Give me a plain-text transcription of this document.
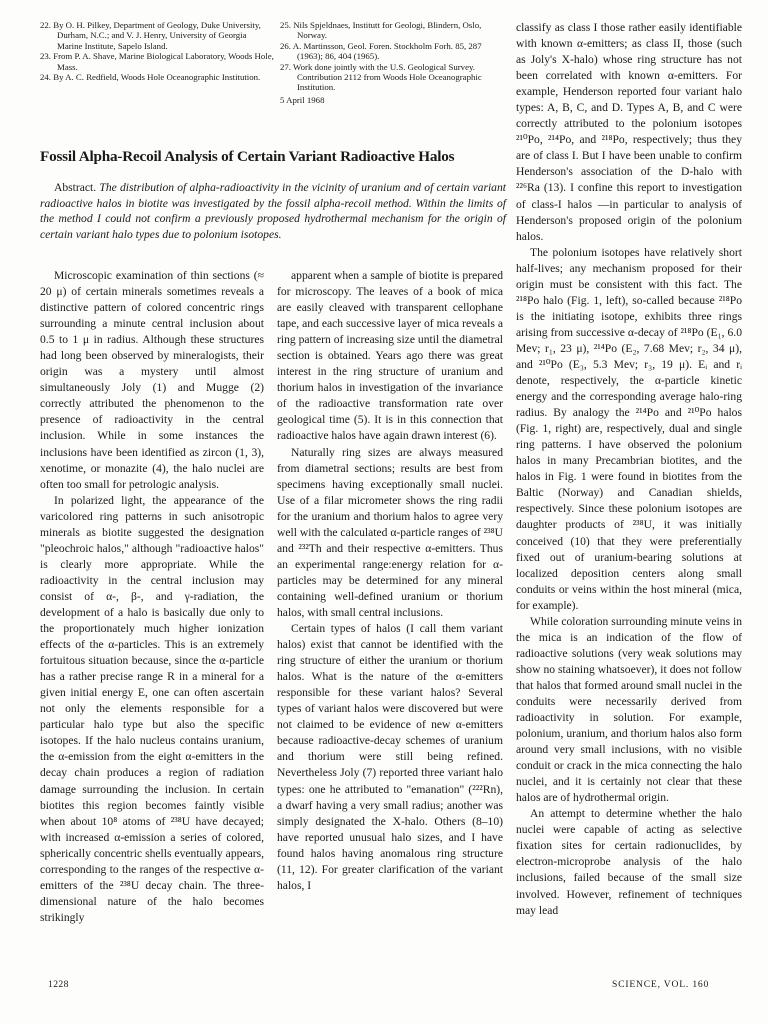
22. By O. H. Pilkey, Department of Geology, Duke University, Durham, N.C.; and V. J. Henry, University of Georgia Marine Institute, Sapelo Island.

23. From P. A. Shave, Marine Biological Laboratory, Woods Hole, Mass.

24. By A. C. Redfield, Woods Hole Oceanographic Institution.

25. Nils Spjeldnaes, Institutt for Geologi, Blindern, Oslo, Norway.

26. A. Martinsson, Geol. Foren. Stockholm Forh. 85, 287 (1963); 86, 404 (1965).

27. Work done jointly with the U.S. Geological Survey. Contribution 2112 from Woods Hole Oceanographic Institution.

5 April 1968

Fossil Alpha-Recoil Analysis of Certain Variant Radioactive Halos

Abstract. The distribution of alpha-radioactivity in the vicinity of uranium and of certain variant radioactive halos in biotite was investigated by the fossil alpha-recoil method. Within the limits of the method I could not confirm a previously proposed hydrothermal mechanism for the origin of certain variant halo types due to polonium isotopes.

Microscopic examination of thin sections (≈ 20 μ) of certain minerals sometimes reveals a distinctive pattern of colored concentric rings surrounding a minute central inclusion about 0.5 to 1 μ in radius. Although these structures had long been observed by mineralogists, their origin was a mystery until almost simultaneously Joly (1) and Mugge (2) correctly attributed the phenomenon to the presence of radioactivity in the central inclusion. While in some instances the inclusions have been identified as zircon (1, 3), xenotime, or monazite (4), the halo nuclei are often too small for petrologic analysis.

In polarized light, the appearance of the varicolored ring patterns in such anisotropic minerals as biotite suggested the designation "pleochroic halos," although "radioactive halos" is clearly more appropriate. While the radioactivity in the central inclusion may consist of α-, β-, and γ-radiation, the development of a halo is basically due only to the proportionately much higher ionization effects of the α-particles. This is an extremely fortuitous situation because, since the α-particle has a rather precise range R in a mineral for a given initial energy E, one can often ascertain not only the elements responsible for a particular halo type but also the specific isotopes. If the halo nucleus contains uranium, the α-emission from the eight α-emitters in the decay chain produces a region of radiation damage surrounding the inclusion. In certain biotites this region becomes faintly visible when about 10⁸ atoms of ²³⁸U have decayed; with increased α-emission a series of colored, spherically concentric shells eventually appears, corresponding to the ranges of the respective α-emitters of the ²³⁸U decay chain. The three-dimensional nature of the halo becomes strikingly

apparent when a sample of biotite is prepared for microscopy. The leaves of a book of mica are easily cleaved with transparent cellophane tape, and each successive layer of mica reveals a ring pattern of increasing size until the diametral section is obtained. Years ago there was great interest in the ring structure of uranium and thorium halos in investigation of the invariance of the radioactive transformation rate over geological time (5). It is in this connection that radioactive halos have again drawn interest (6).

Naturally ring sizes are always measured from diametral sections; results are best from specimens having exceptionally small nuclei. Use of a filar micrometer shows the ring radii for the uranium and thorium halos to agree very well with the calculated α-particle ranges of ²³⁸U and ²³²Th and their respective α-emitters. Thus an experimental range:energy relation for α-particles may be determined for any mineral containing well-defined uranium or thorium halos, with small central inclusions.

Certain types of halos (I call them variant halos) exist that cannot be identified with the ring structure of either the uranium or thorium halos. What is the nature of the α-emitters responsible for these variant halos? Several types of variant halos were discovered but were not claimed to be evidence of new α-emitters because radioactive-decay schemes of uranium and thorium were still being refined. Nevertheless Joly (7) reported three variant halo types: one he attributed to "emanation" (²²²Rn), a dwarf having a very small radius; another was simply designated the X-halo. Others (8–10) have reported unusual halo sizes, and I have found halos having anomalous ring structure (11, 12). For greater clarification of the variant halos, I

classify as class I those rather easily identifiable with known α-emitters; as class II, those (such as Joly's X-halo) whose ring structure has not been correlated with known α-emitters. For example, Henderson reported four variant halo types: A, B, C, and D. Types A, B, and C were correctly attributed to the polonium isotopes ²¹⁰Po, ²¹⁴Po, and ²¹⁸Po, respectively; thus they are of class I. But I have been unable to confirm Henderson's association of the D-halo with ²²⁶Ra (13). I confine this report to investigation of class-I halos —in particular to analysis of Henderson's proposed origin of the polonium halos.

The polonium isotopes have relatively short half-lives; any mechanism proposed for their origin must be consistent with this fact. The ²¹⁸Po halo (Fig. 1, left), so-called because ²¹⁸Po is the initiating isotope, exhibits three rings arising from successive α-decay of ²¹⁸Po (E₁, 6.0 Mev; r₁, 23 μ), ²¹⁴Po (E₂, 7.68 Mev; r₂, 34 μ), and ²¹⁰Po (E₃, 5.3 Mev; r₃, 19 μ). Eᵢ and rᵢ denote, respectively, the α-particle kinetic energy and the corresponding average halo-ring radius. By analogy the ²¹⁴Po and ²¹⁰Po halos (Fig. 1, right) are, respectively, dual and single ring patterns. I have observed the polonium halos in many Precambrian biotites, and the halos in Fig. 1 were found in biotites from the Baltic (Norway) and Canadian shields, respectively. Since these polonium isotopes are daughter products of ²³⁸U, it was initially conceived (10) that they were preferentially fixed out of uranium-bearing solutions at localized deposition centers along small conduits or veins within the host mineral (mica, for example).

While coloration surrounding minute veins in the mica is an indication of the flow of radioactive solutions (very weak solutions may show no staining whatsoever), it does not follow that halos that formed around small nuclei in the conduits were necessarily derived from radioactivity in solution. For example, polonium, uranium, and thorium halos also form around very small inclusions, with no visible conduit or crack in the mica connecting the halo nuclei, and it is certainly not clear that these halos are of hydrothermal origin.

An attempt to determine whether the halo nuclei were capable of acting as selective fixation sites for certain radionuclides, by electron-microprobe analysis of the halo inclusions, failed because of the small size involved. However, refinement of techniques may lead

1228	SCIENCE, VOL. 160
